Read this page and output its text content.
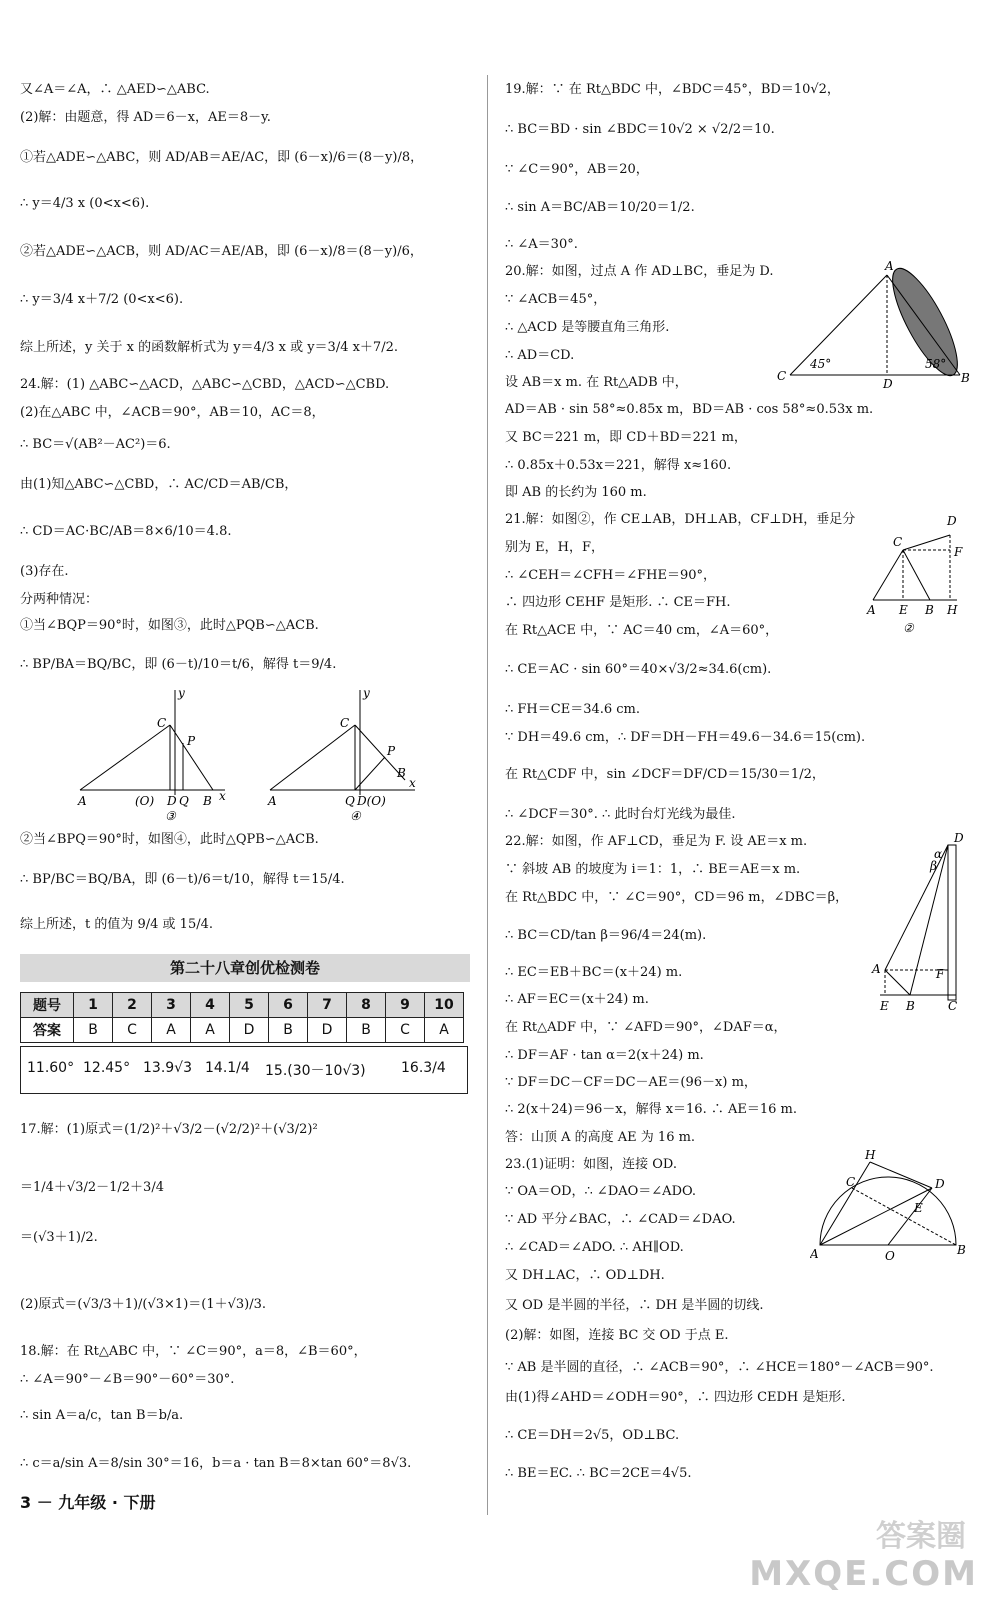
又∠A＝∠A，∴ △AED∽△ABC.
(2)解：由题意，得 AD＝6－x，AE＝8－y.
①若△ADE∽△ABC，则 AD/AB＝AE/AC，即 (6－x)/6＝(8－y)/8，
∴ y＝4/3 x (0<x<6).
②若△ADE∽△ACB，则 AD/AC＝AE/AB，即 (6－x)/8＝(8－y)/6，
∴ y＝3/4 x＋7/2 (0<x<6).
综上所述，y 关于 x 的函数解析式为 y＝4/3 x 或 y＝3/4 x＋7/2.
24.解：(1) △ABC∽△ACD，△ABC∽△CBD，△ACD∽△CBD.
(2)在△ABC 中，∠ACB＝90°，AB＝10，AC＝8，
∴ BC＝√(AB²－AC²)＝6.
由(1)知△ABC∽△CBD，∴ AC/CD＝AB/CB，
∴ CD＝AC·BC/AB＝8×6/10＝4.8.
(3)存在.
分两种情况：
①当∠BQP＝90°时，如图③，此时△PQB∽△ACB.
∴ BP/BA＝BQ/BC，即 (6－t)/10＝t/6，解得 t＝9/4.
y
C
P
A	(O) D Q B x
③
y
C
P
B
A	Q D(O)
x
④
②当∠BPQ＝90°时，如图④，此时△QPB∽△ACB.
∴ BP/BC＝BQ/BA，即 (6－t)/6＝t/10，解得 t＝15/4.
综上所述，t 的值为 9/4 或 15/4.
第二十八章创优检测卷
题号	1	2	3	4	5	6	7	8	9	10
答案	B	C	A	A	D	B	D	B	C	A
11.60° 12.45° 13.9√3 14.1/4 15.(30－10√3)	16.3/4
17.解：(1)原式＝(1/2)²＋√3/2－(√2/2)²＋(√3/2)²
＝1/4＋√3/2－1/2＋3/4
＝(√3＋1)/2.
(2)原式＝(√3/3＋1)/(√3×1)＝(1＋√3)/3.
18.解：在 Rt△ABC 中，∵ ∠C＝90°，a＝8，∠B＝60°，
∴ ∠A＝90°－∠B＝90°－60°＝30°.
∴ sin A＝a/c，tan B＝b/a.
∴ c＝a/sin A＝8/sin 30°＝16，b＝a · tan B＝8×tan 60°＝8√3.
3 － 九年级 · 下册
19.解：∵ 在 Rt△BDC 中，∠BDC＝45°，BD＝10√2，
∴ BC＝BD · sin ∠BDC＝10√2 × √2/2＝10.
∵ ∠C＝90°，AB＝20，
∴ sin A＝BC/AB＝10/20＝1/2.
∴ ∠A＝30°.
20.解：如图，过点 A 作 AD⊥BC，垂足为 D.
∵ ∠ACB＝45°，
∴ △ACD 是等腰直角三角形.
∴ AD＝CD.
设 AB＝x m. 在 Rt△ADB 中，
AD＝AB · sin 58°≈0.85x m，BD＝AB · cos 58°≈0.53x m.
又 BC＝221 m，即 CD＋BD＝221 m，
∴ 0.85x＋0.53x＝221，解得 x≈160.
即 AB 的长约为 160 m.
A
C
45°
D
58°
B
21.解：如图②，作 CE⊥AB，DH⊥AB，CF⊥DH，垂足分
别为 E，H，F，
∴ ∠CEH＝∠CFH＝∠FHE＝90°，
∴ 四边形 CEHF 是矩形. ∴ CE＝FH.
在 Rt△ACE 中，∵ AC＝40 cm，∠A＝60°，
∴ CE＝AC · sin 60°＝40×√3/2≈34.6(cm).
∴ FH＝CE＝34.6 cm.
∵ DH＝49.6 cm，∴ DF＝DH－FH＝49.6－34.6＝15(cm).
在 Rt△CDF 中，sin ∠DCF＝DF/CD＝15/30＝1/2，
∴ ∠DCF＝30°. ∴ 此时台灯光线为最佳.
D
C
F
A E B H
②
22.解：如图，作 AF⊥CD，垂足为 F. 设 AE＝x m.
∵ 斜坡 AB 的坡度为 i＝1：1，∴ BE＝AE＝x m.
在 Rt△BDC 中，∵ ∠C＝90°，CD＝96 m，∠DBC＝β，
∴ BC＝CD/tan β＝96/4＝24(m).
∴ EC＝EB＋BC＝(x＋24) m.
∴ AF＝EC＝(x＋24) m.
在 Rt△ADF 中，∵ ∠AFD＝90°，∠DAF＝α，
∴ DF＝AF · tan α＝2(x＋24) m.
∵ DF＝DC－CF＝DC－AE＝(96－x) m，
∴ 2(x＋24)＝96－x，解得 x＝16. ∴ AE＝16 m.
答：山顶 A 的高度 AE 为 16 m.
D
β
α
A	F
E B	C
23.(1)证明：如图，连接 OD.
∵ OA＝OD，∴ ∠DAO＝∠ADO.
∵ AD 平分∠BAC，∴ ∠CAD＝∠DAO.
∴ ∠CAD＝∠ADO. ∴ AH∥OD.
又 DH⊥AC，∴ OD⊥DH.
又 OD 是半圆的半径，∴ DH 是半圆的切线.
(2)解：如图，连接 BC 交 OD 于点 E.
∵ AB 是半圆的直径，∴ ∠ACB＝90°，∴ ∠HCE＝180°－∠ACB＝90°.
由(1)得∠AHD＝∠ODH＝90°，∴ 四边形 CEDH 是矩形.
∴ CE＝DH＝2√5，OD⊥BC.
∴ BE＝EC. ∴ BC＝2CE＝4√5.
H
C	D
E
A	O	B
答案圈
MXQE.COM
